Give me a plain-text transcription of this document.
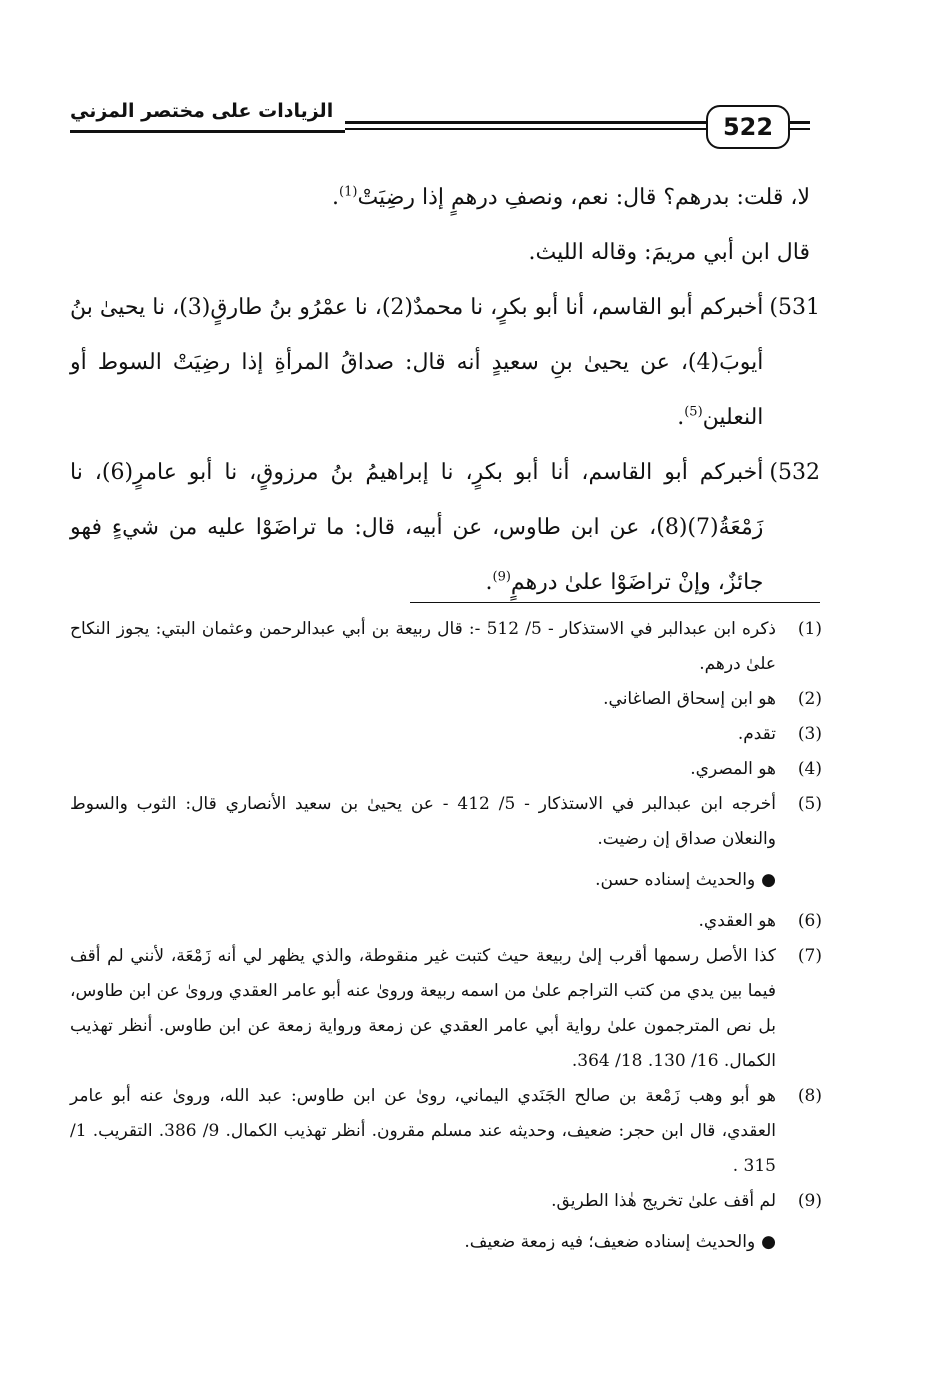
الزيادات على مختصر المزني
522

لا، قلت: بدرهم؟ قال: نعم، ونصفِ درهمٍ إذا رضِيَتْ$^{(1)}$.

قال ابن أبي مريمَ: وقاله الليث.

531)
أخبركم أبو القاسم، أنا أبو بكرٍ، نا محمدٌ(2)، نا عمْرُو بنُ طارقٍ(3)، نا يحيىٰ بنُ أيوبَ(4)، عن يحيىٰ بنِ سعيدٍ أنه قال: صداقُ المرأةِ إذا رضِيَتْ السوط أو النعلين$^{(5)}$.
532)
أخبركم أبو القاسم، أنا أبو بكرٍ، نا إبراهيمُ بنُ مرزوقٍ، نا أبو عامرٍ(6)، نا زَمْعَةُ(7)(8)، عن ابن طاوس، عن أبيه، قال: ما تراضَوْا عليه من شيءٍ فهو جائزٌ، وإنْ تراضَوْا علىٰ درهمٍ$^{(9)}$.
(1)
ذكره ابن عبدالبر في الاستذكار - 5/ 512 -: قال ربيعة بن أبي عبدالرحمن وعثمان البتي: يجوز النكاح علىٰ درهم.
(2)
هو ابن إسحاق الصاغاني.
(3)
تقدم.
(4)
هو المصري.
(5)
أخرجه ابن عبدالبر في الاستذكار - 5/ 412 - عن يحيىٰ بن سعيد الأنصاري قال: الثوب والسوط والنعلان صداق إن رضيت.
●والحديث إسناده حسن.
(6)
هو العقدي.
(7)
كذا الأصل رسمها أقرب إلىٰ ربيعة حيث كتبت غير منقوطة، والذي يظهر لي أنه زَمْعَة، لأنني لم أقف فيما بين يدي من كتب التراجم علىٰ من اسمه ربيعة وروىٰ عنه أبو عامر العقدي وروىٰ عن ابن طاوس، بل نص المترجمون علىٰ رواية أبي عامر العقدي عن زمعة ورواية زمعة عن ابن طاوس. أنظر تهذيب الكمال. 16/ 130. 18/ 364.
(8)
هو أبو وهب زَمْعة بن صالح الجَنَدي اليماني، روىٰ عن ابن طاوس: عبد الله، وروىٰ عنه أبو عامر العقدي، قال ابن حجر: ضعيف، وحديثه عند مسلم مقرون. أنظر تهذيب الكمال. 9/ 386. التقريب. 1/ 315 .
(9)
لم أقف علىٰ تخريج هٰذا الطريق.
●والحديث إسناده ضعيف؛ فيه زمعة ضعيف.
